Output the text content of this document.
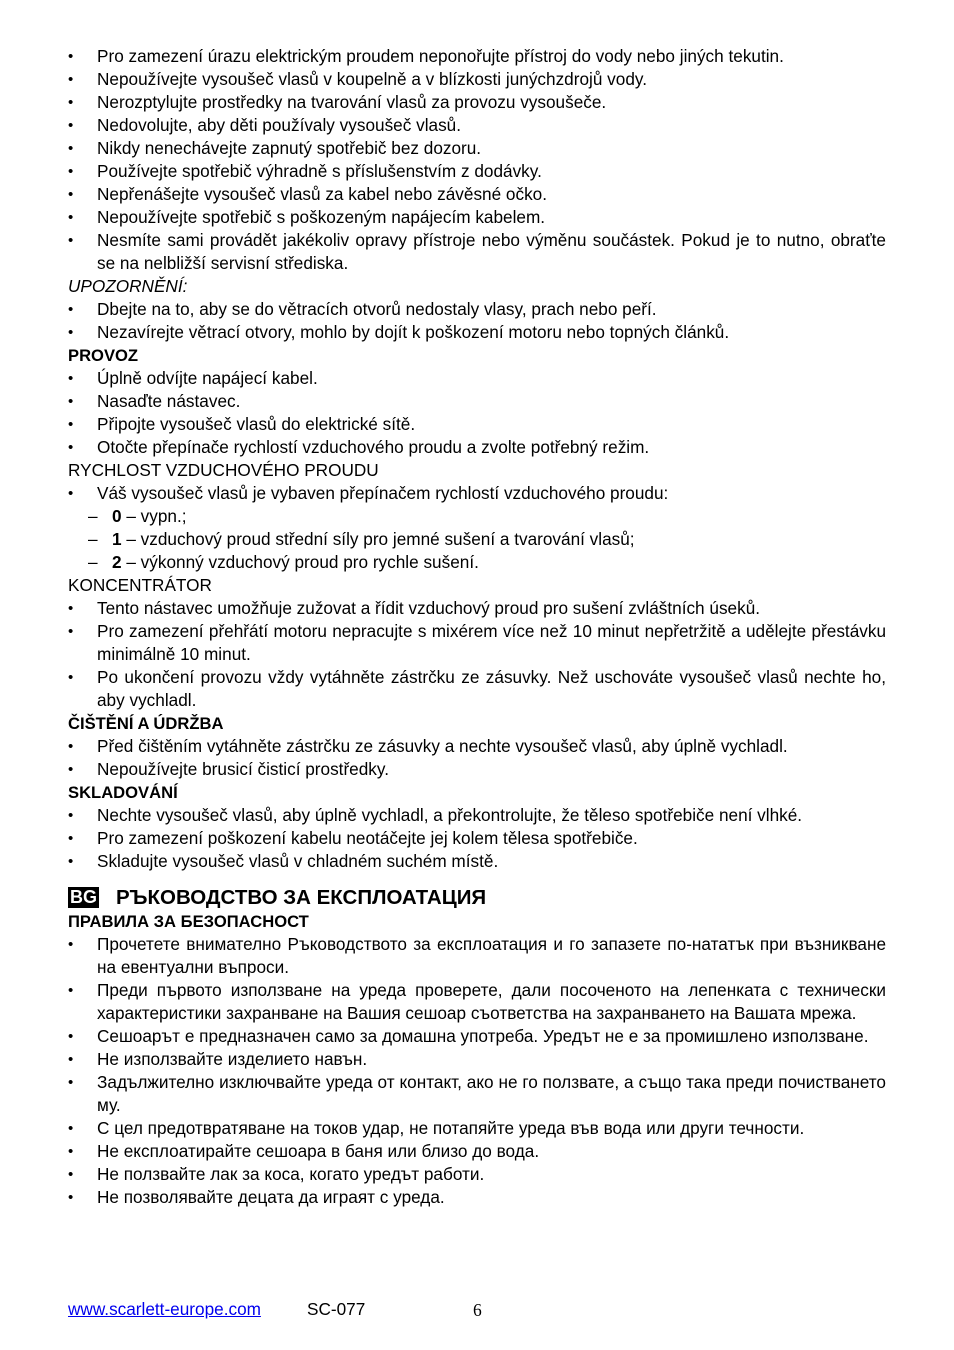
• Pro zamezení úrazu elektrickým proudem neponořujte přístroj do vody nebo jiných tekutin.
• Nepoužívejte vysoušeč vlasů v koupelně a v blízkosti junýchzdrojů vody.
• Nerozptylujte prostředky na tvarování vlasů za provozu vysoušeče.
• Nedovolujte, aby děti používaly vysoušeč vlasů.
• Nikdy nenechávejte zapnutý spotřebič bez dozoru.
• Používejte spotřebič výhradně s příslušenstvím z dodávky.
• Nepřenášejte vysoušeč vlasů za kabel nebo závěsné očko.
• Nepoužívejte spotřebič s poškozeným napájecím kabelem.
• Nesmíte sami provádět jakékoliv opravy přístroje nebo výměnu součástek. Pokud je to nutno, obraťte se na nelbližší servisní střediska.
UPOZORNĚNÍ:
• Dbejte na to, aby se do větracích otvorů nedostaly vlasy, prach nebo peří.
• Nezavírejte větrací otvory, mohlo by dojít k poškození motoru nebo topných článků.
PROVOZ
• Úplně odvíjte napájecí kabel.
• Nasaďte nástavec.
• Připojte vysoušeč vlasů do elektrické sítě.
• Otočte přepínače rychlostí vzduchového proudu a zvolte potřebný režim.
RYCHLOST VZDUCHOVÉHO PROUDU
• Váš vysoušeč vlasů je vybaven přepínačem rychlostí vzduchového proudu:
– 0 – vypn.;
– 1 – vzduchový proud střední síly pro jemné sušení a tvarování vlasů;
– 2 – výkonný vzduchový proud pro rychle sušení.
KONCENTRÁTOR
• Tento nástavec umožňuje zužovat a řídit vzduchový proud pro sušení zvláštních úseků.
• Pro zamezení přehřátí motoru nepracujte s mixérem více než 10 minut nepřetržitě a udělejte přestávku minimálně 10 minut.
• Po ukončení provozu vždy vytáhněte zástrčku ze zásuvky. Než uschováte vysoušeč vlasů nechte ho, aby vychladl.
ČIŠTĚNÍ A ÚDRŽBA
• Před čištěním vytáhněte zástrčku ze zásuvky a nechte vysoušeč vlasů, aby úplně vychladl.
• Nepoužívejte brusicí čisticí prostředky.
SKLADOVÁNÍ
• Nechte vysoušeč vlasů, aby úplně vychladl, a překontrolujte, že těleso spotřebiče není vlhké.
• Pro zamezení poškození kabelu neotáčejte jej kolem tělesa spotřebiče.
• Skladujte vysoušeč vlasů v chladném suchém místě.
BG РЪКОВОДСТВО ЗА ЕКСПЛОАТАЦИЯ
ПРАВИЛА ЗА БЕЗОПАСНОСТ
• Прочетете внимателно Ръководството за експлоатация и го запазете по-нататък при възникване на евентуални въпроси.
• Преди първото използване на уреда проверете, дали посоченото на лепенката с технически характеристики захранване на Вашия сешоар съответства на захранването на Вашата мрежа.
• Сешоарът е предназначен само за домашна употреба. Уредът не е за промишлено използване.
• Не използвайте изделието навън.
• Задължително изключвайте уреда от контакт, ако не го ползвате, а също така преди почистването му.
• С цел предотвратяване на токов удар, не потапяйте уреда във вода или други течности.
• Не експлоатирайте сешоара в баня или близо до вода.
• Не ползвайте лак за коса, когато уредът работи.
• Не позволявайте децата да играят с уреда.
www.scarlett-europe.com	SC-077	6
